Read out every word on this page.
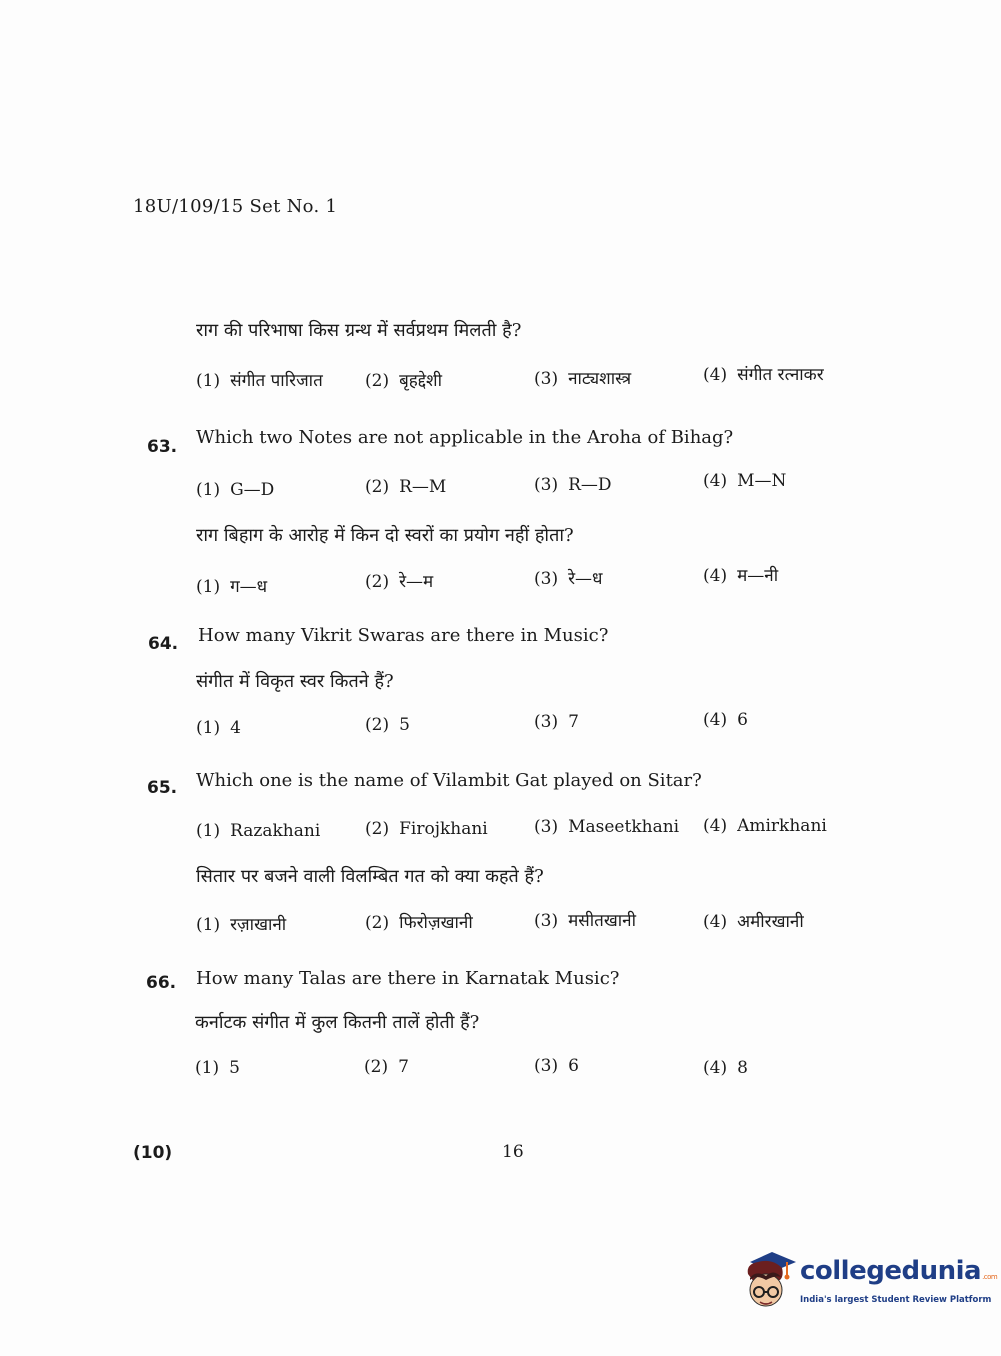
18U/109/15 Set No. 1
राग की परिभाषा किस ग्रन्थ में सर्वप्रथम मिलती है?
(1) संगीत पारिजात (2) बृहद्देशी	(3) नाट्यशास्त्र	(4) संगीत रत्नाकर
63. Which two Notes are not applicable in the Aroha of Bihag?
(1) G—D	(2) R—M	(3) R—D	(4) M—N
राग बिहाग के आरोह में किन दो स्वरों का प्रयोग नहीं होता?
(1) ग—ध	(2) रे—म	(3) रे—ध	(4) म—नी
64. How many Vikrit Swaras are there in Music?
संगीत में विकृत स्वर कितने हैं?
(1) 4	(2) 5	(3) 7	(4) 6
65. Which one is the name of Vilambit Gat played on Sitar?
(1) Razakhani	(2) Firojkhani	(3) Maseetkhani (4) Amirkhani
सितार पर बजने वाली विलम्बित गत को क्या कहते हैं?
(1) रज़ाखानी	(2) फिरोज़खानी	(3) मसीतखानी	(4) अमीरखानी
66. How many Talas are there in Karnatak Music?
कर्नाटक संगीत में कुल कितनी तालें होती हैं?
(1) 5	(2) 7	(3) 6	(4) 8
(10)	16
collegedunia.com
India's largest Student Review Platform
